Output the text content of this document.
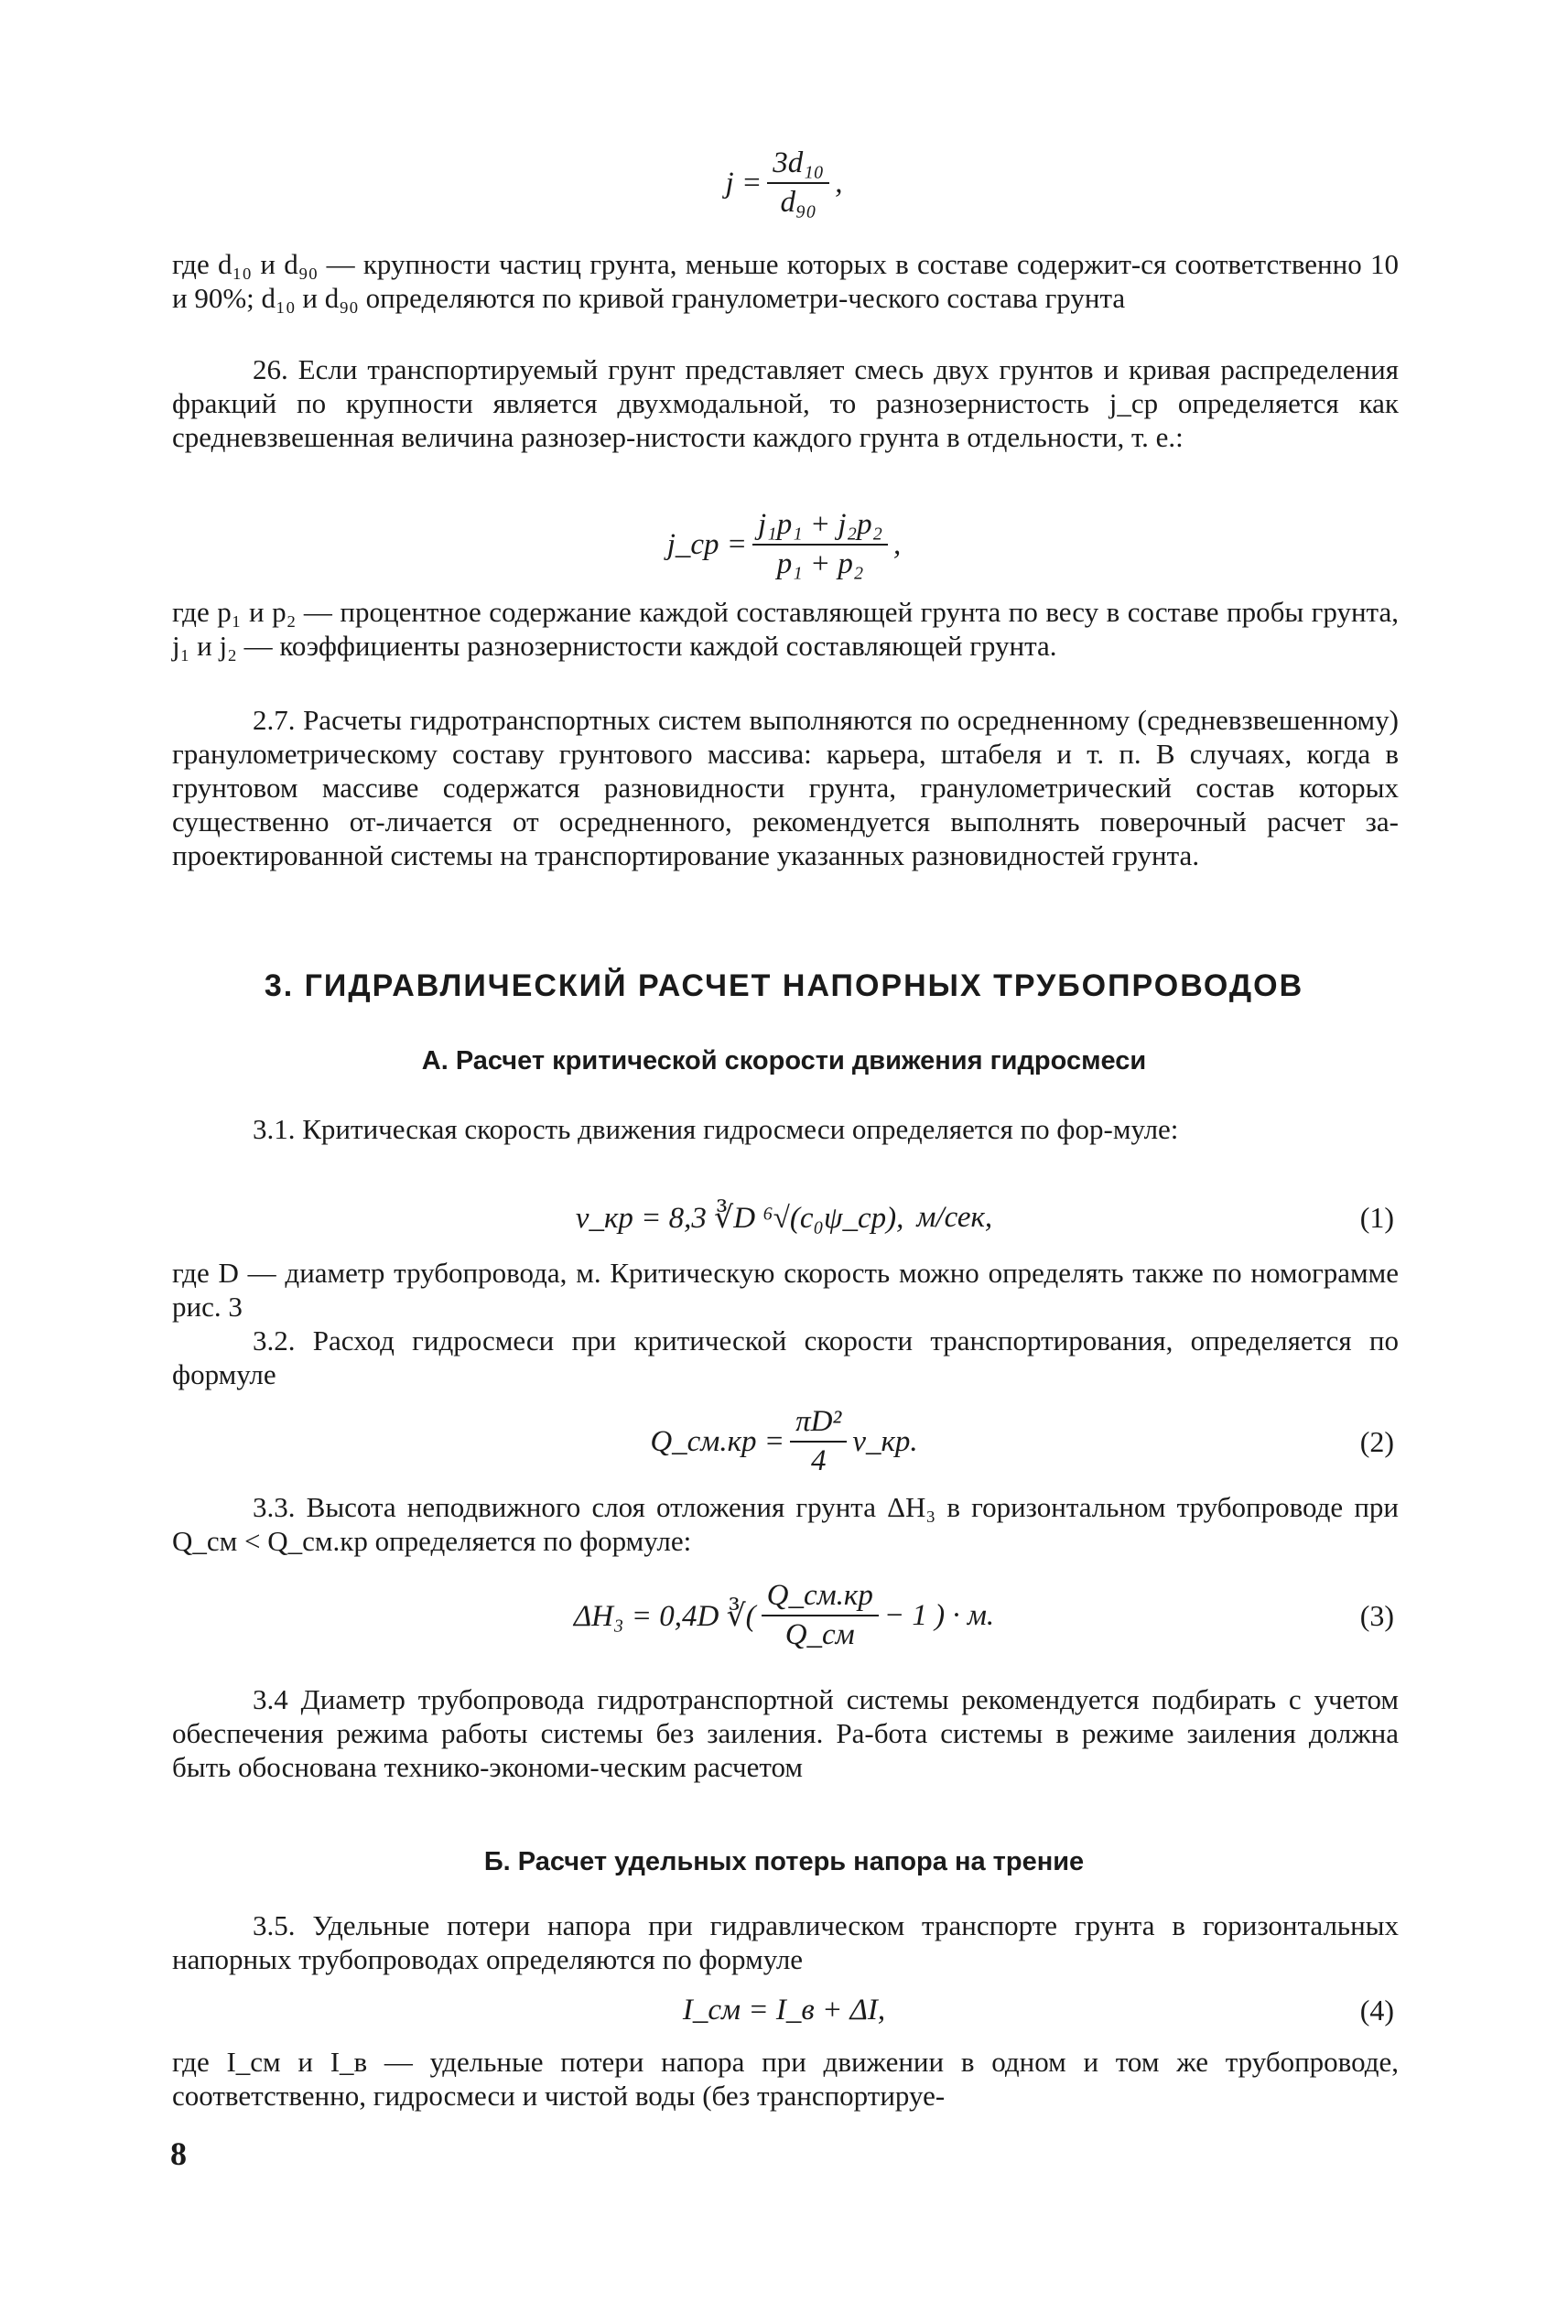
$j = \frac{\text{3d₁₀}}{\text{d₉₀}}$ ,

где d₁₀ и d₉₀ — крупности частиц грунта, меньше которых в составе содержит-ся соответственно 10 и 90%; d₁₀ и d₉₀ определяются по кривой гранулометри-ческого состава грунта

26. Если транспортируемый грунт представляет смесь двух грунтов и кривая распределения фракций по крупности является двухмодальной, то разнозернистость j_ср определяется как средневзвешенная величина разнозер-нистости каждого грунта в отдельности, т. е.:

j_ср = $\frac{\text{j₁p₁ + j₂p₂}}{\text{p₁ + p₂}}$ ,

где p₁ и p₂ — процентное содержание каждой составляющей грунта по весу в составе пробы грунта, j₁ и j₂ — коэффициенты разнозернистости каждой составляющей грунта.

2.7. Расчеты гидротранспортных систем выполняются по осредненному (средневзвешенному) гранулометрическому составу грунтового массива: карьера, штабеля и т. п. В случаях, когда в грунтовом массиве содержатся разновидности грунта, гранулометрический состав которых существенно от-личается от осредненного, рекомендуется выполнять поверочный расчет за-проектированной системы на транспортирование указанных разновидностей грунта.

3. ГИДРАВЛИЧЕСКИЙ РАСЧЕТ НАПОРНЫХ ТРУБОПРОВОДОВ
А. Расчет критической скорости движения гидросмеси

3.1. Критическая скорость движения гидросмеси определяется по фор-муле:

v_кр = 8,3 ∛D ⁶√(c₀ψ_ср), м/сек,	(1)

где D — диаметр трубопровода, м. Критическую скорость можно определять также по номограмме рис. 3

3.2. Расход гидросмеси при критической скорости транспортирования, определяется по формуле

Q_см.кр = $\frac{\text{πD²}}{4}$ v_кр.	(2)

3.3. Высота неподвижного слоя отложения грунта ΔH₃ в горизонтальном трубопроводе при Q_см < Q_см.кр определяется по формуле:

ΔH₃ = 0,4D ∛( $\frac{Q\_см.кр}{Q\_см} - 1$ ) · м.	(3)

3.4 Диаметр трубопровода гидротранспортной системы рекомендуется подбирать с учетом обеспечения режима работы системы без заиления. Ра-бота системы в режиме заиления должна быть обоснована технико-экономи-ческим расчетом

Б. Расчет удельных потерь напора на трение

3.5. Удельные потери напора при гидравлическом транспорте грунта в горизонтальных напорных трубопроводах определяются по формуле

I_см = I_в + ΔI,	(4)

где I_см и I_в — удельные потери напора при движении в одном и том же трубопроводе, соответственно, гидросмеси и чистой воды (без транспортируе-

8
